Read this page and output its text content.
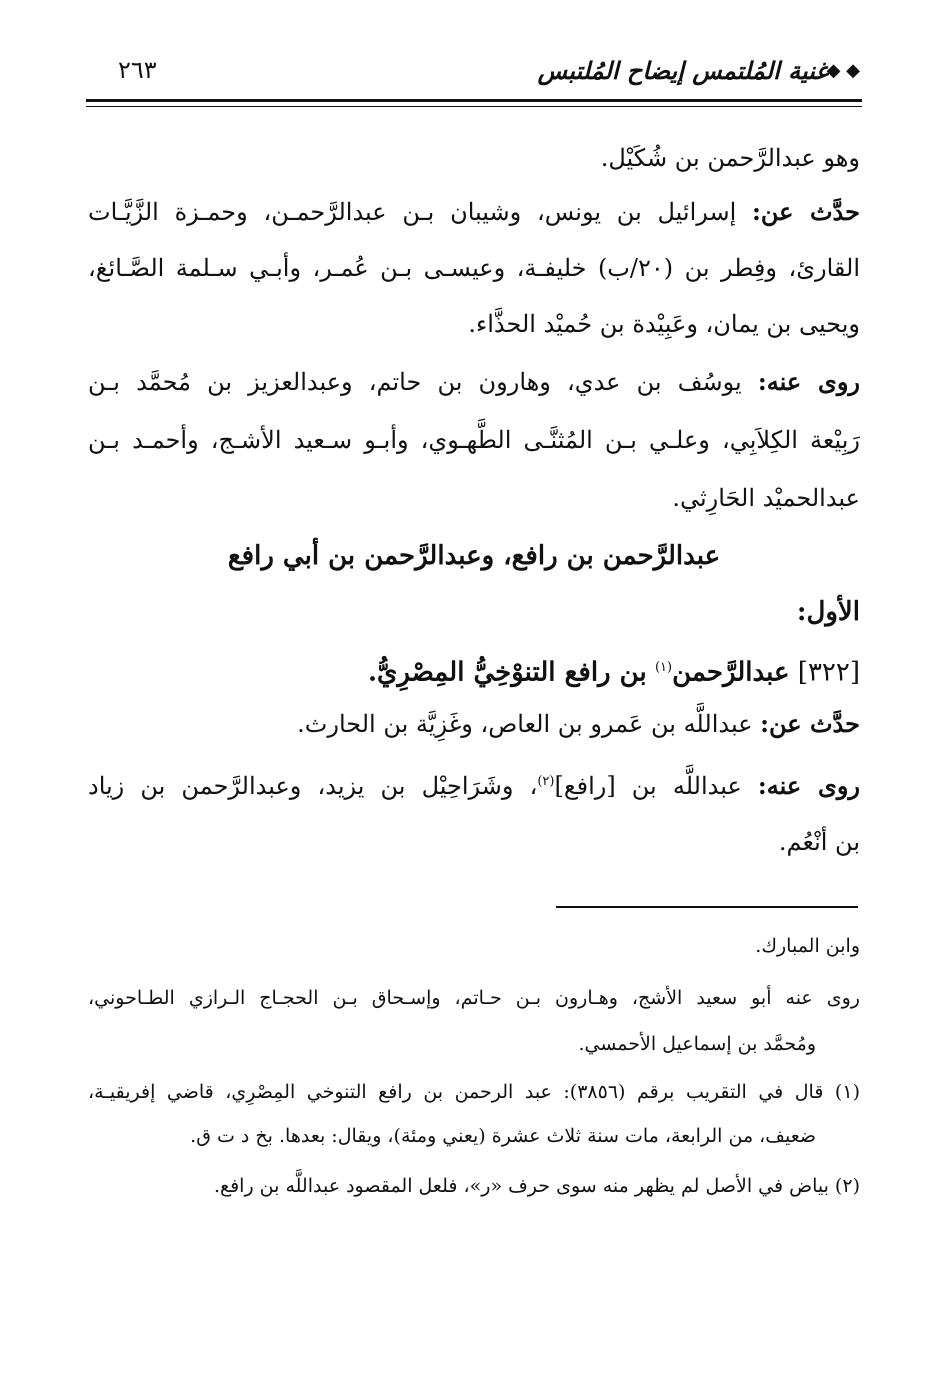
◆ ◆
غنية المُلتمس إيضاح المُلتبس
٢٦٣
وهو عبدالرَّحمن بن شُكَيْل.
حدَّث عن: إسرائيل بن يونس، وشيبان بـن عبدالرَّحمـن، وحمـزة الزَّيَّـات
القارئ، وفِطر بن (٢٠/ب) خليفـة، وعيسـى بـن عُمـر، وأبـي سـلمة الصَّـائغ،
ويحيى بن يمان، وعَبِيْدة بن حُميْد الحذَّاء.
روى عنه: يوسُف بن عدي، وهارون بن حاتم، وعبدالعزيز بن مُحمَّد بـن
رَبِيْعة الكِلاَبِي، وعلـي بـن المُثنَّـى الطَّهـوي، وأبـو سـعيد الأشـج، وأحمـد بـن
عبدالحميْد الحَارِثي.
عبدالرَّحمن بن رافع، وعبدالرَّحمن بن أبي رافع
الأول:
[٣٢٢] عبدالرَّحمن$^{(١)}$ بن رافع التنوْخِيُّ المِصْرِيُّ.
حدَّث عن: عبداللَّه بن عَمرو بن العاص، وغَزِيَّة بن الحارث.
روى عنه: عبداللَّه بن [رافع]$^{(٢)}$، وشَرَاحِيْل بن يزيد، وعبدالرَّحمن بن زياد
بن أنْعُم.
وابن المبارك.
روى عنه أبو سعيد الأشج، وهـارون بـن حـاتم، وإسـحاق بـن الحجـاج الـرازي الطـاحوني،
ومُحمَّد بن إسماعيل الأحمسي.
(١) قال في التقريب برقم (٣٨٥٦): عبد الرحمن بن رافع التنوخي المِصْرِي، قاضي إفريقيـة،
ضعيف، من الرابعة، مات سنة ثلاث عشرة (يعني ومئة)، ويقال: بعدها. بخ د ت ق.
(٢) بياض في الأصل لم يظهر منه سوى حرف «ر»، فلعل المقصود عبداللَّه بن رافع.
